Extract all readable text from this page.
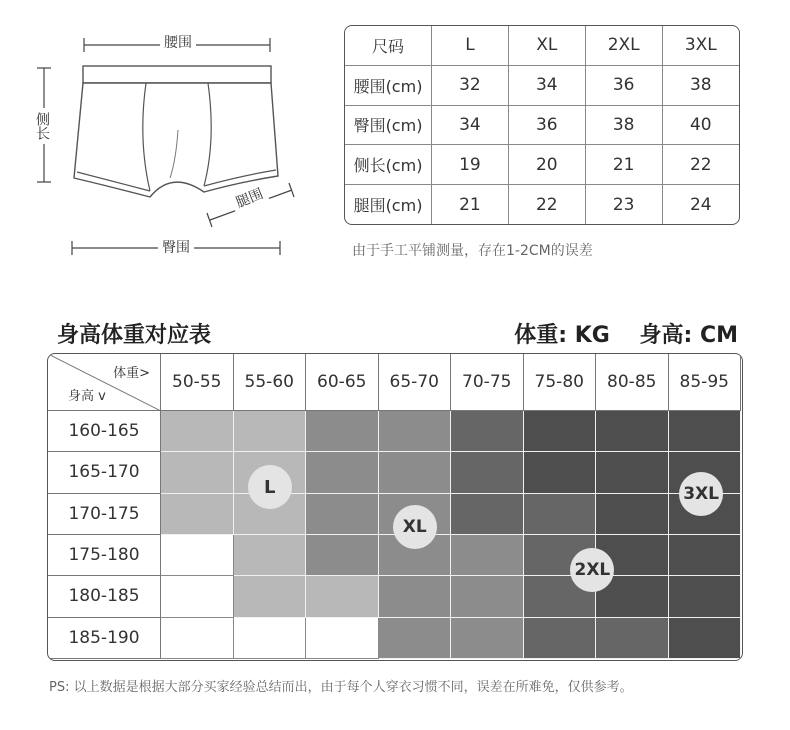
腰围
侧长
腿围
臀围
尺码	L	XL	2XL	3XL
腰围(cm)	32	34	36	38
臀围(cm)	34	36	38	40
侧长(cm)	19	20	21	22
腿围(cm)	21	22	23	24
由于手工平铺测量，存在1-2CM的误差
身高体重对应表	体重: KG 身高: CM
体重>
身高 v
50-55	55-60	60-65	65-70	70-75	75-80	80-85	85-95
160-165
165-170
170-175
175-180
180-185
185-190
L
XL
2XL
3XL
PS: 以上数据是根据大部分买家经验总结而出，由于每个人穿衣习惯不同，误差在所难免，仅供参考。
